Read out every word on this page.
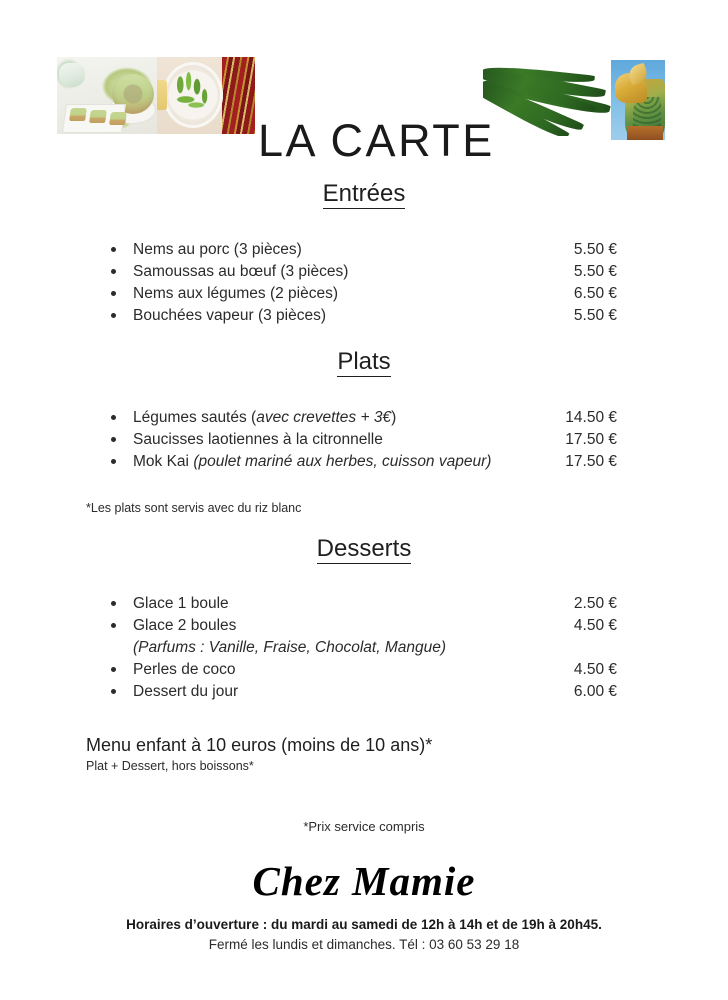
LA CARTE
Entrées
Nems au porc (3 pièces)	5.50 €
Samoussas au bœuf (3 pièces)	5.50 €
Nems aux légumes (2 pièces)	6.50 €
Bouchées vapeur (3 pièces)	5.50 €
Plats
Légumes sautés (avec crevettes + 3€)	14.50 €
Saucisses laotiennes à la citronnelle	17.50 €
Mok Kai (poulet mariné aux herbes, cuisson vapeur)	17.50 €
*Les plats sont servis avec du riz blanc
Desserts
Glace 1 boule	2.50 €
Glace 2 boules	4.50 €
(Parfums : Vanille, Fraise, Chocolat, Mangue)
Perles de coco	4.50 €
Dessert du jour	6.00 €
Menu enfant à 10 euros (moins de 10 ans)*
Plat + Dessert, hors boissons*
*Prix service compris
Chez Mamie
Horaires d’ouverture : du mardi au samedi de 12h à 14h et de 19h à 20h45.
Fermé les lundis et dimanches. Tél : 03 60 53 29 18
